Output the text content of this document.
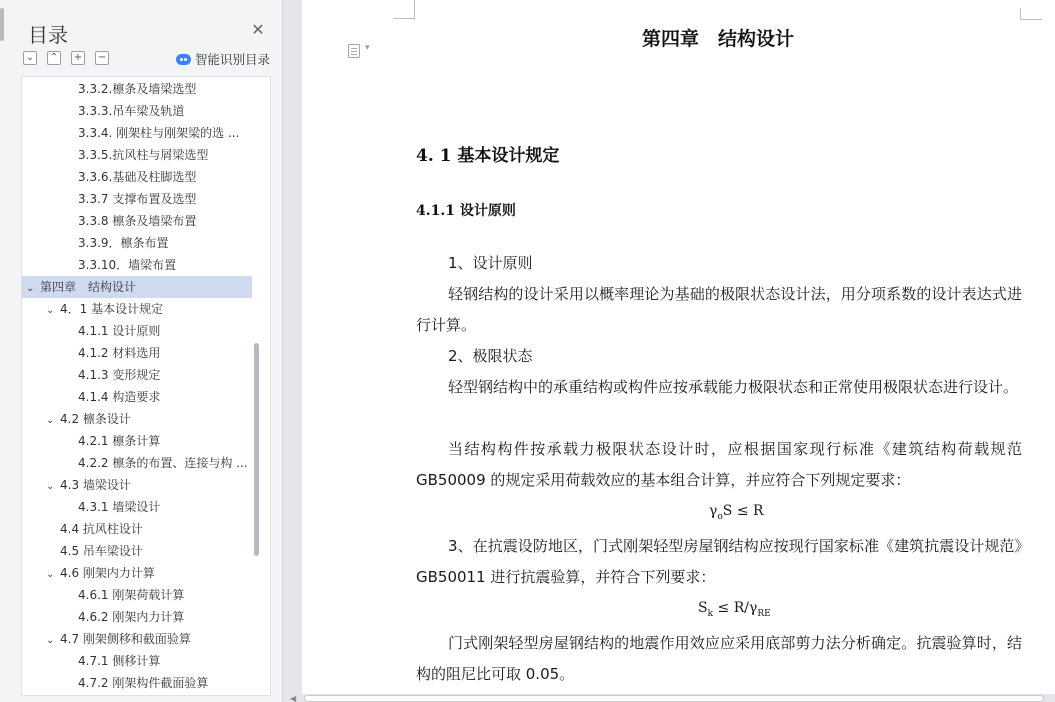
目录	✕
⌄ ⌃ + −	智能识别目录
3.3.2.檩条及墙梁选型
3.3.3.吊车梁及轨道
3.3.4. 刚架柱与刚架梁的选 ...
3.3.5.抗风柱与屑梁选型
3.3.6.基础及柱脚选型
3.3.7 支撑布置及选型
3.3.8 檩条及墙梁布置
3.3.9．檩条布置
3.3.10．墙梁布置
⌄ 第四章　结构设计
⌄ 4．1 基本设计规定
4.1.1 设计原则
4.1.2 材料选用
4.1.3 变形规定
4.1.4 构造要求
⌄ 4.2 檩条设计
4.2.1 檩条计算
4.2.2 檩条的布置、连接与构 ...
⌄ 4.3 墙梁设计
4.3.1 墙梁设计
4.4 抗风柱设计
4.5 吊车梁设计
⌄ 4.6 刚架内力计算
4.6.1 刚架荷载计算
4.6.2 刚架内力计算
⌄ 4.7 刚架侧移和截面验算
4.7.1 侧移计算
4.7.2 刚架构件截面验算
▾
第四章　结构设计
4. 1 基本设计规定
4.1.1 设计原则
1、设计原则
轻钢结构的设计采用以概率理论为基础的极限状态设计法，用分项系数的设计表达式进行计算。
2、极限状态
轻型钢结构中的承重结构或构件应按承载能力极限状态和正常使用极限状态进行设计。
当结构构件按承载力极限状态设计时，应根据国家现行标准《建筑结构荷载规范GB50009 的规定采用荷载效应的基本组合计算，并应符合下列规定要求：
$\gamma_oS \le R$
3、在抗震设防地区，门式刚架轻型房屋钢结构应按现行国家标准《建筑抗震设计规范》GB50011 进行抗震验算，并符合下列要求：
$S_k \le R/\gamma_{RE}$
门式刚架轻型房屋钢结构的地震作用效应应采用底部剪力法分析确定。抗震验算时，结构的阻尼比可取 0.05。
◀
